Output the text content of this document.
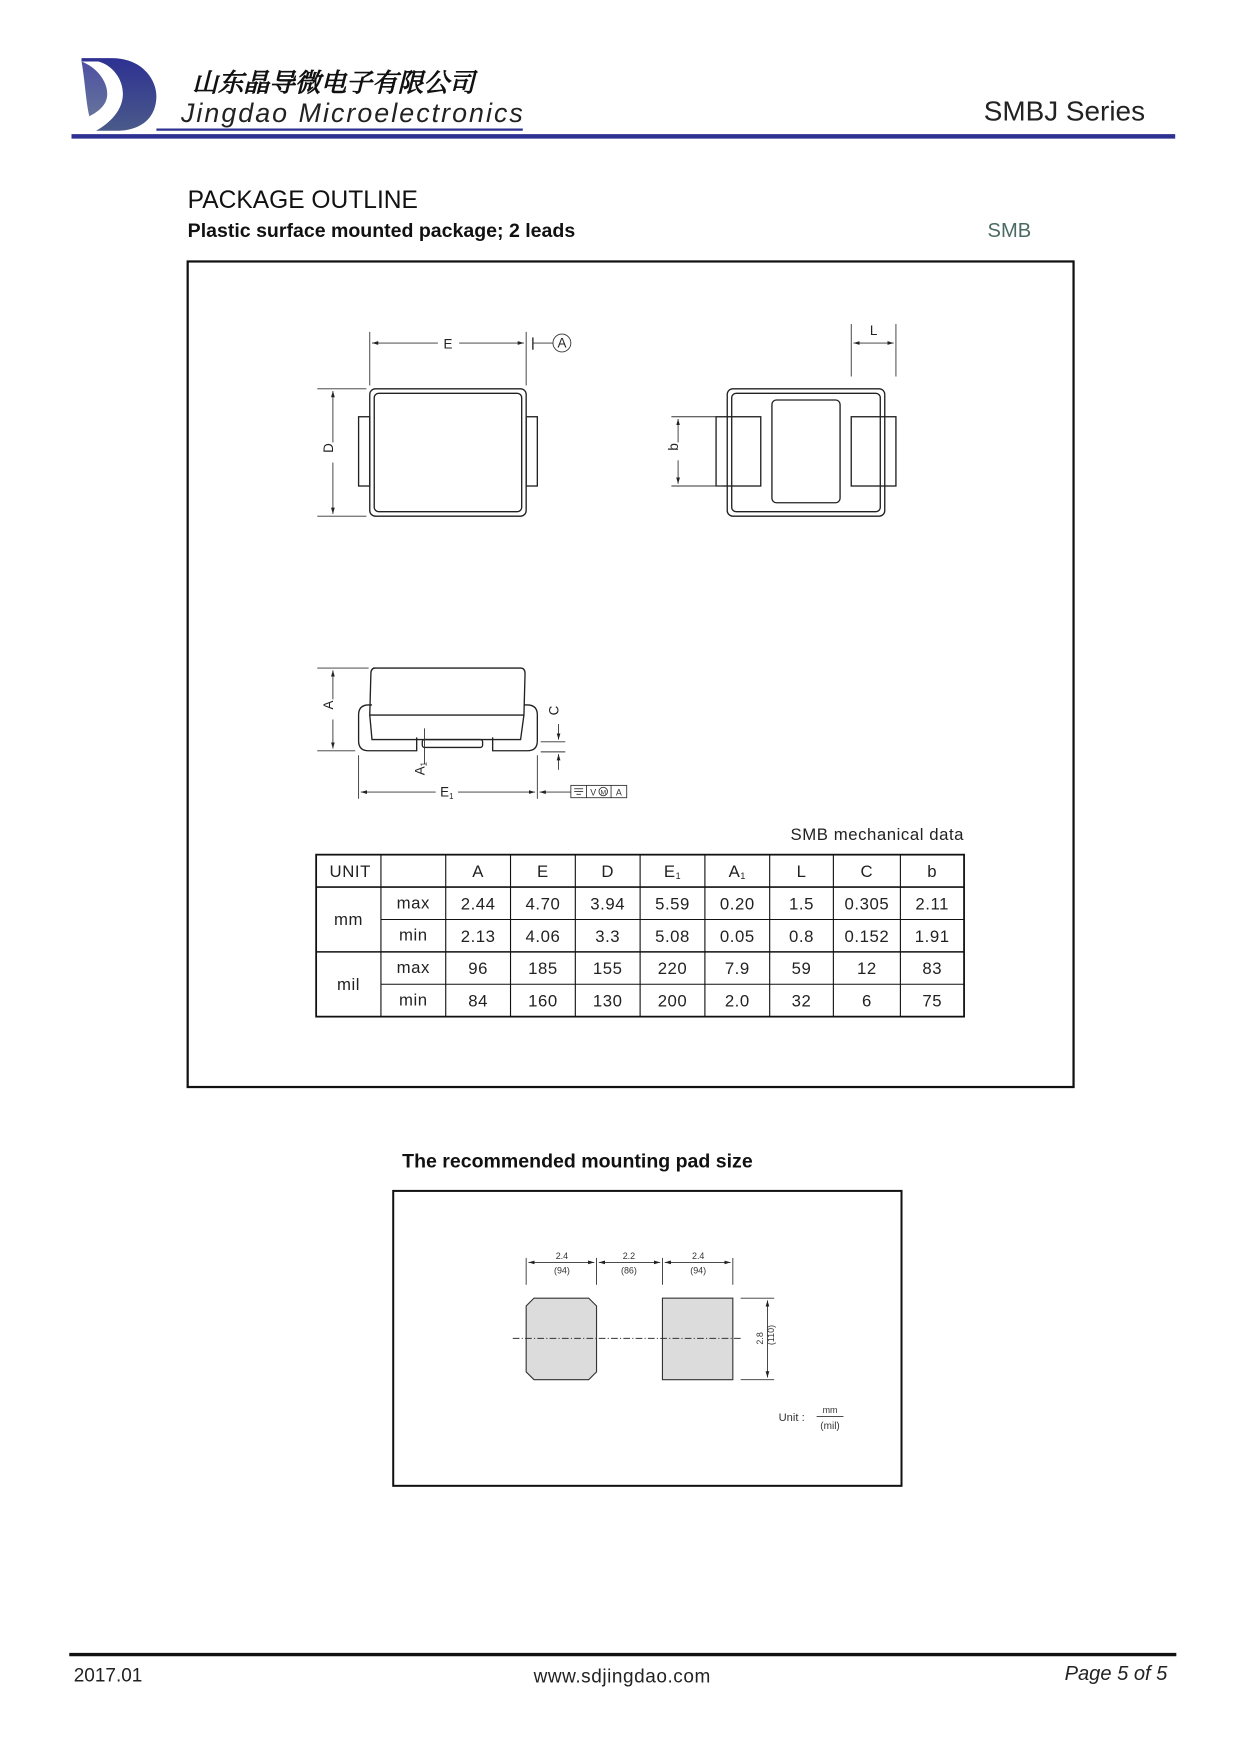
山东晶导微电子有限公司
Jingdao Microelectronics	SMBJ Series
PACKAGE OUTLINE
Plastic surface mounted package; 2 leads	SMB
E	A
D	b
L
A
A1
C
E1	V M A
SMB mechanical data
UNIT	A	E	D	E1	A1	L	C	b
mm
max 2.44 4.70 3.94 5.59 0.20 1.5 0.305 2.11
min 2.13 4.06 3.3 5.08 0.05 0.8 0.152 1.91
mil
max	96	185 155 220 7.9	59	12	83
min	84	160 130 200 2.0	32	6	75
The recommended mounting pad size
2.4
(94)
2.2
(86)
2.4
(94)
2.8 (110)
Unit :
mm
(mil)
2017.01	www.sdjingdao.com	Page 5 of 5
